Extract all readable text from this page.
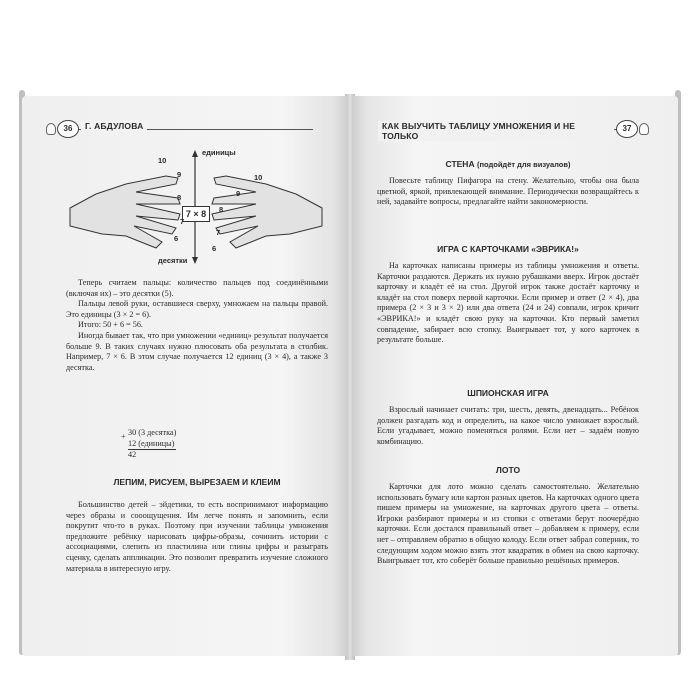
36	Г. АБДУЛОВА
единицы
десятки
7 × 8
10
9
8
7
6
10
9
8
7
6

Теперь считаем пальцы: количество пальцев под соединёнными (включая их) – это десятки (5).

Пальцы левой руки, оставшиеся сверху, умножаем на пальцы правой. Это единицы (3 × 2 = 6).

Итого: 50 + 6 = 56.

Иногда бывает так, что при умножении «единиц» результат получается больше 9. В таких случаях нужно плюсовать оба результата в столбик. Например, 7 × 6. В этом случае получается 12 единиц (3 × 4), а также 3 десятка.

+ 30 (3 десятка)
12 (единицы)
42
ЛЕПИМ, РИСУЕМ, ВЫРЕЗАЕМ И КЛЕИМ

Большинство детей – эйдетики, то есть воспринимают информацию через образы и сооощущения. Им легче понять и запомнить, если покрутит что-то в руках. Поэтому при изучении таблицы умножения предложите ребёнку нарисовать цифры-образы, сочинить истории с ассоциациями, слепить из пластилина или глины цифры и разыграть сценку, сделать аппликации. Это позволит превратить изучение сложного материала в интересную игру.

37
КАК ВЫУЧИТЬ ТАБЛИЦУ УМНОЖЕНИЯ И НЕ ТОЛЬКО
СТЕНА (подойдёт для визуалов)

Повесьте таблицу Пифагора на стену. Желательно, чтобы она была цветной, яркой, привлекающей внимание. Периодически возвращайтесь к ней, задавайте вопросы, предлагайте найти закономерности.

ИГРА С КАРТОЧКАМИ «ЭВРИКА!»

На карточках написаны примеры из таблицы умножения и ответы. Карточки раздаются. Держать их нужно рубашками вверх. Игрок достаёт карточку и кладёт её на стол. Другой игрок также достаёт карточку и кладёт на стол поверх первой карточки. Если пример и ответ (2 × 4), два примера (2 × 3 и 3 × 2) или два ответа (24 и 24) совпали, игрок кричит «ЭВРИКА!» и кладёт свою руку на карточки. Кто первый заметил совпадение, забирает всю стопку. Выигрывает тот, у кого карточек в результате больше.

ШПИОНСКАЯ ИГРА

Взрослый начинает считать: три, шесть, девять, двенадцать... Ребёнок должен разгадать код и определить, на какое число умножает взрослый. Если угадывает, можно поменяться ролями. Если нет – задаём новую комбинацию.

ЛОТО

Карточки для лото можно сделать самостоятельно. Желательно использовать бумагу или картон разных цветов. На карточках одного цвета пишем примеры на умножение, на карточках другого цвета – ответы. Игроки разбирают примеры и из стопки с ответами берут поочерёдно карточки. Если достался правильный ответ – добавляем к примеру, если нет – отправляем обратно в общую колоду. Если ответ забрал соперник, то следующим ходом можно взять этот квадратик в обмен на свою карточку. Выигрывает тот, кто соберёт больше правильно решённых примеров.
